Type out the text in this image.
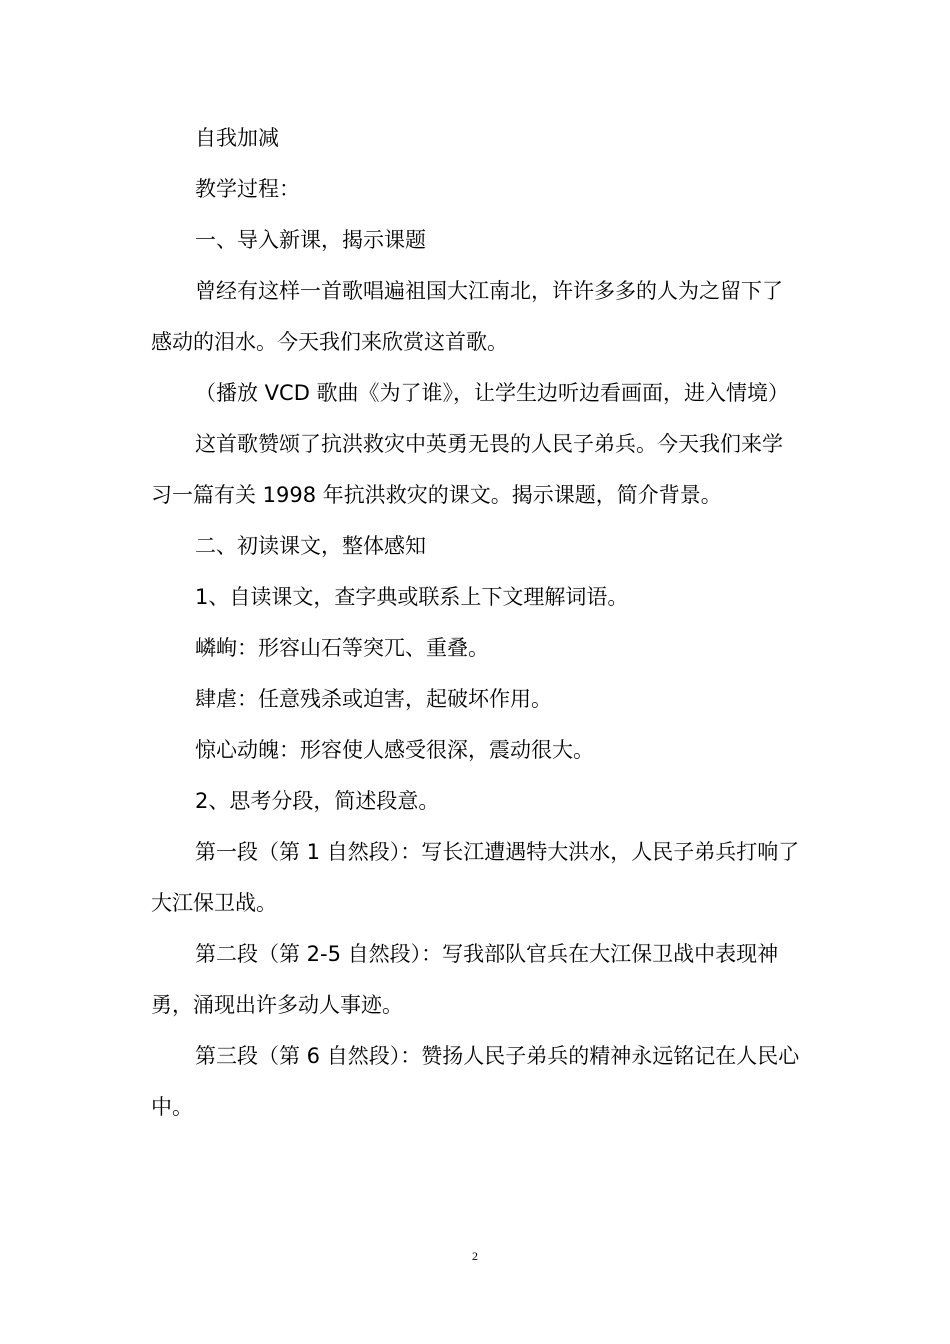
自我加减

教学过程：

一、导入新课，揭示课题

曾经有这样一首歌唱遍祖国大江南北，许许多多的人为之留下了感动的泪水。今天我们来欣赏这首歌。

（播放 VCD 歌曲《为了谁》，让学生边听边看画面，进入情境）

这首歌赞颂了抗洪救灾中英勇无畏的人民子弟兵。今天我们来学习一篇有关 1998 年抗洪救灾的课文。揭示课题，简介背景。

二、初读课文，整体感知

1、自读课文，查字典或联系上下文理解词语。

嶙峋：形容山石等突兀、重叠。

肆虐：任意残杀或迫害，起破坏作用。

惊心动魄：形容使人感受很深，震动很大。

2、思考分段，简述段意。

第一段（第 1 自然段）：写长江遭遇特大洪水，人民子弟兵打响了大江保卫战。

第二段（第 2-5 自然段）：写我部队官兵在大江保卫战中表现神勇，涌现出许多动人事迹。

第三段（第 6 自然段）：赞扬人民子弟兵的精神永远铭记在人民心中。

2
